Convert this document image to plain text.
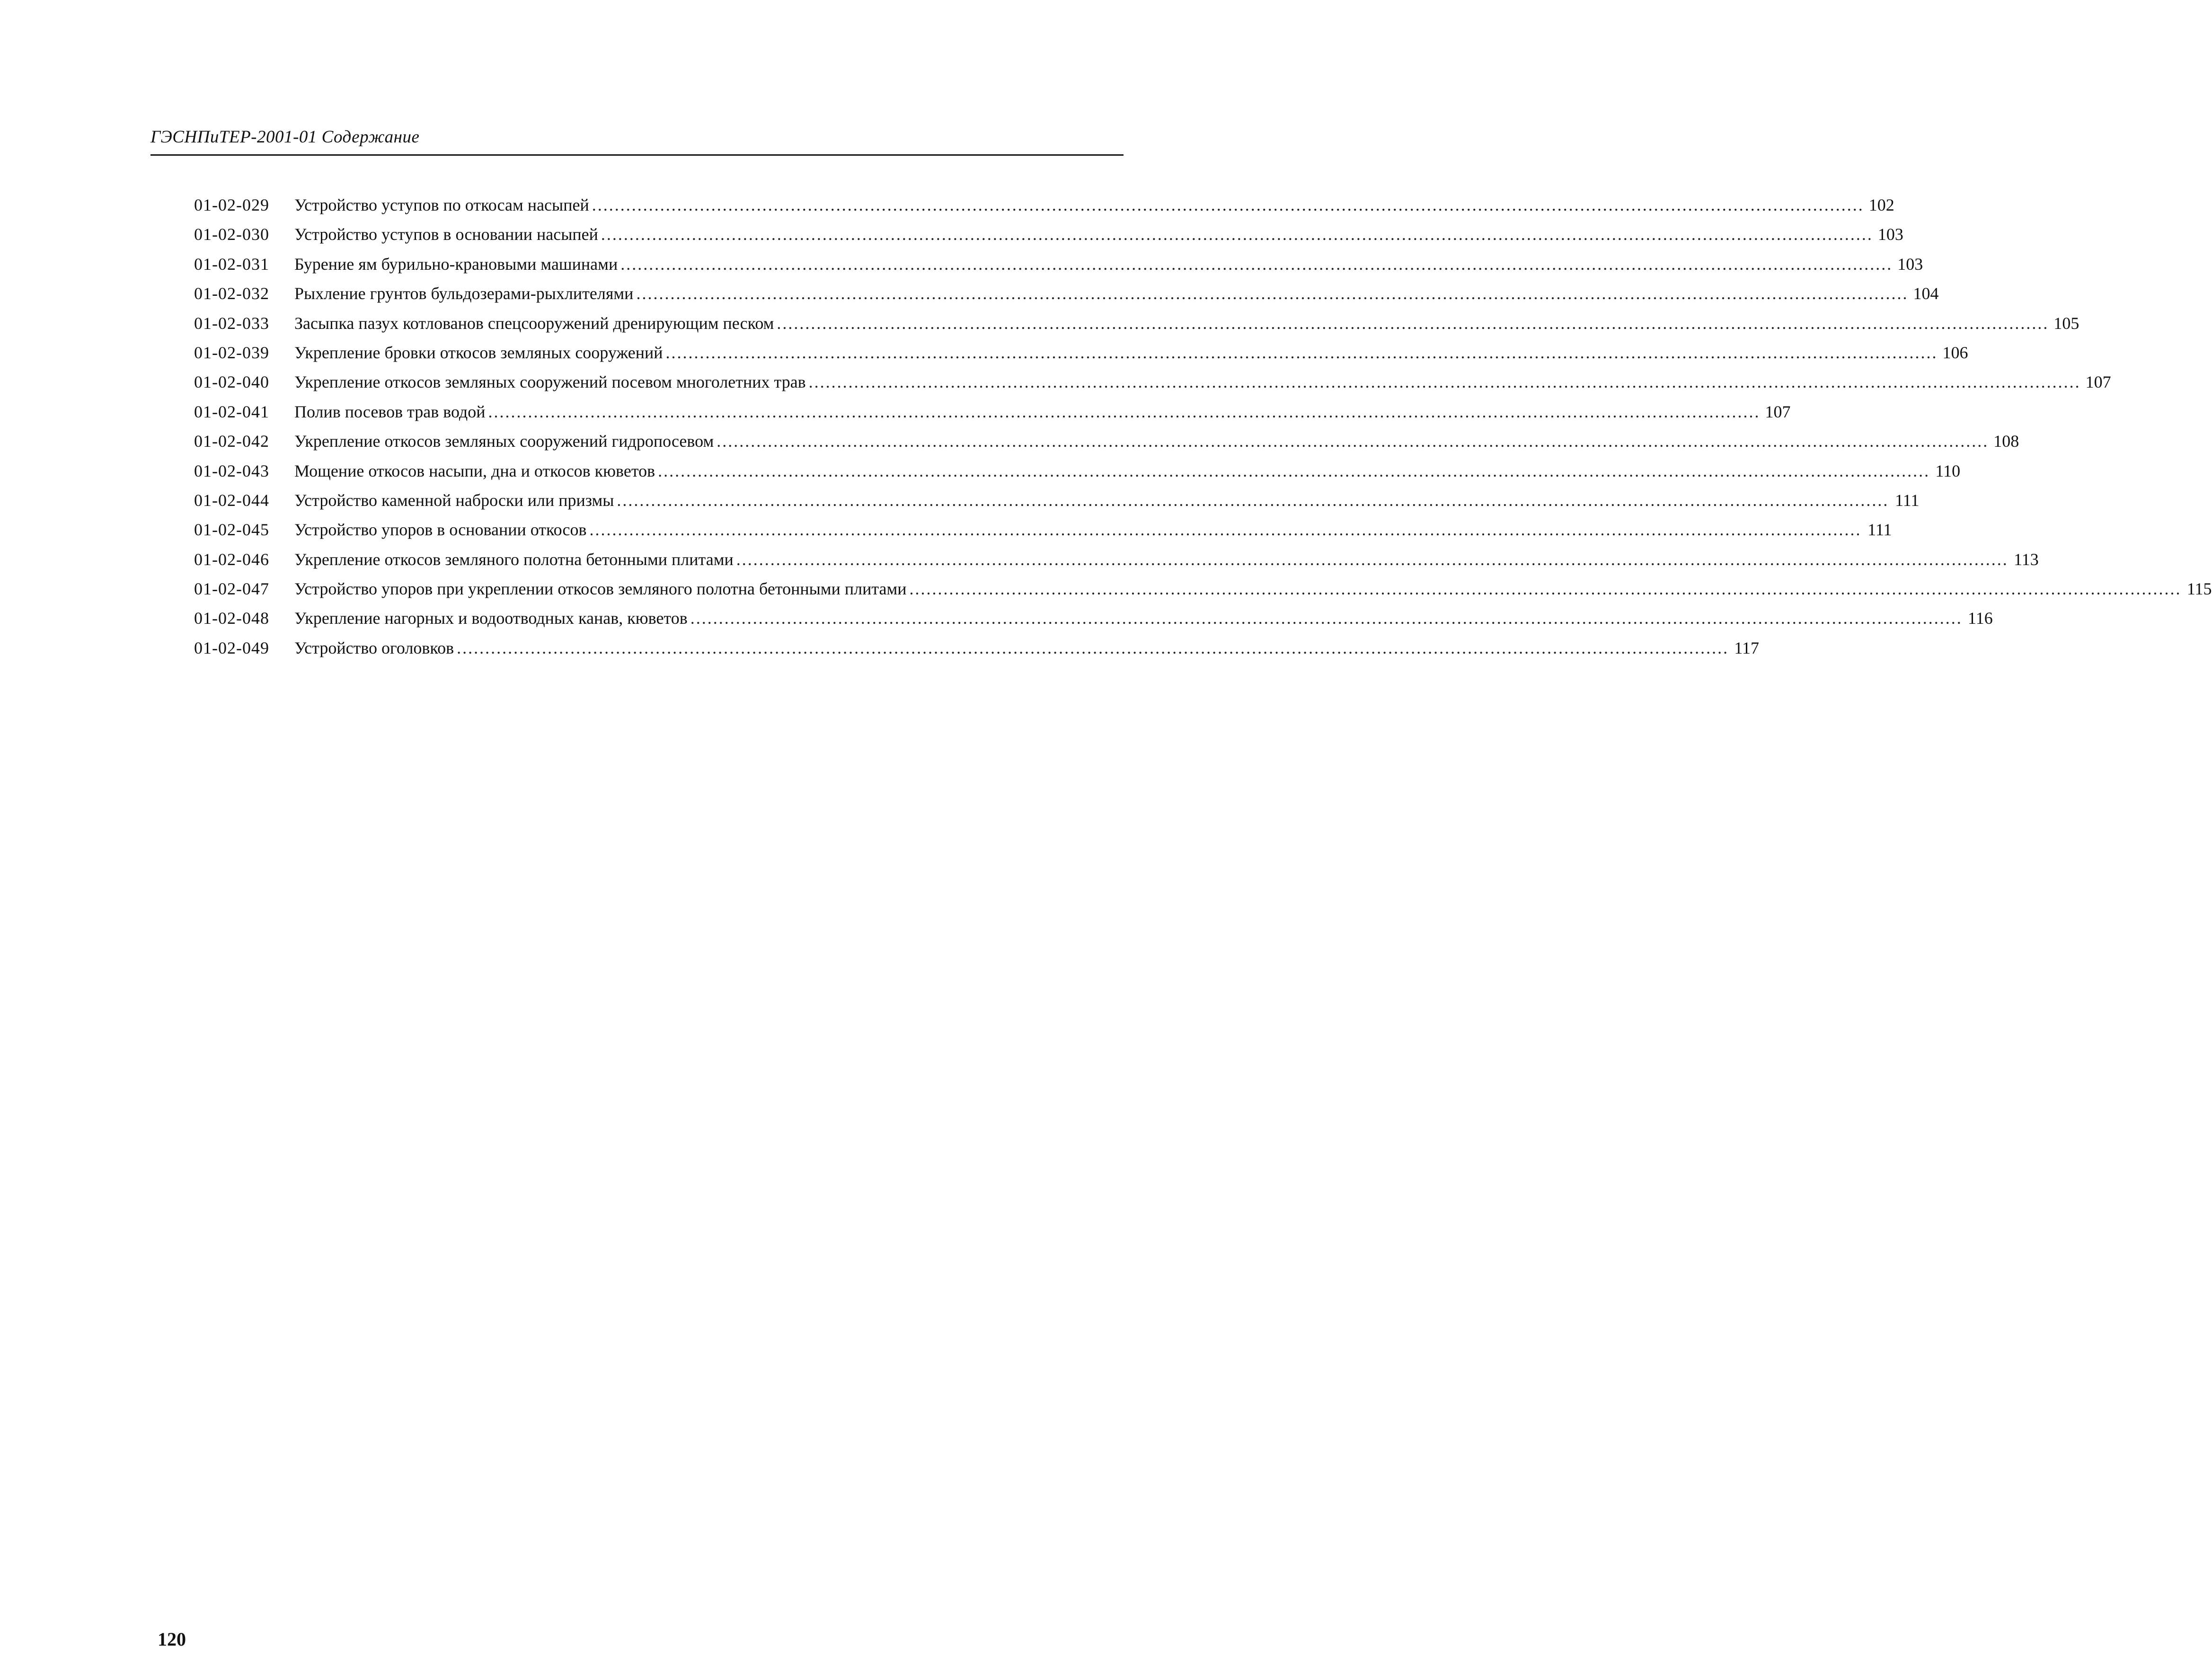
ГЭСНПиТЕР-2001-01 Содержание
01-02-029	Устройство уступов по откосам насыпей ................................................................................................................................................................................................................................ 102
01-02-030	Устройство уступов в основании насыпей ................................................................................................................................................................................................................................ 103
01-02-031	Бурение ям бурильно-крановыми машинами ................................................................................................................................................................................................................................ 103
01-02-032	Рыхление грунтов бульдозерами-рыхлителями ................................................................................................................................................................................................................................ 104
01-02-033	Засыпка пазух котлованов спецсооружений дренирующим песком ................................................................................................................................................................................................................................ 105
01-02-039	Укрепление бровки откосов земляных сооружений ................................................................................................................................................................................................................................ 106
01-02-040	Укрепление откосов земляных сооружений посевом многолетних трав ................................................................................................................................................................................................................................ 107
01-02-041	Полив посевов трав водой ................................................................................................................................................................................................................................ 107
01-02-042	Укрепление откосов земляных сооружений гидропосевом ................................................................................................................................................................................................................................ 108
01-02-043	Мощение откосов насыпи, дна и откосов кюветов ................................................................................................................................................................................................................................ 110
01-02-044	Устройство каменной наброски или призмы ................................................................................................................................................................................................................................ 111
01-02-045	Устройство упоров в основании откосов ................................................................................................................................................................................................................................ 111
01-02-046	Укрепление откосов земляного полотна бетонными плитами ................................................................................................................................................................................................................................ 113
01-02-047	Устройство упоров при укреплении откосов земляного полотна бетонными плитами ................................................................................................................................................................................................................................ 115
01-02-048	Укрепление нагорных и водоотводных канав, кюветов ................................................................................................................................................................................................................................ 116
01-02-049	Устройство оголовков ................................................................................................................................................................................................................................ 117
120
